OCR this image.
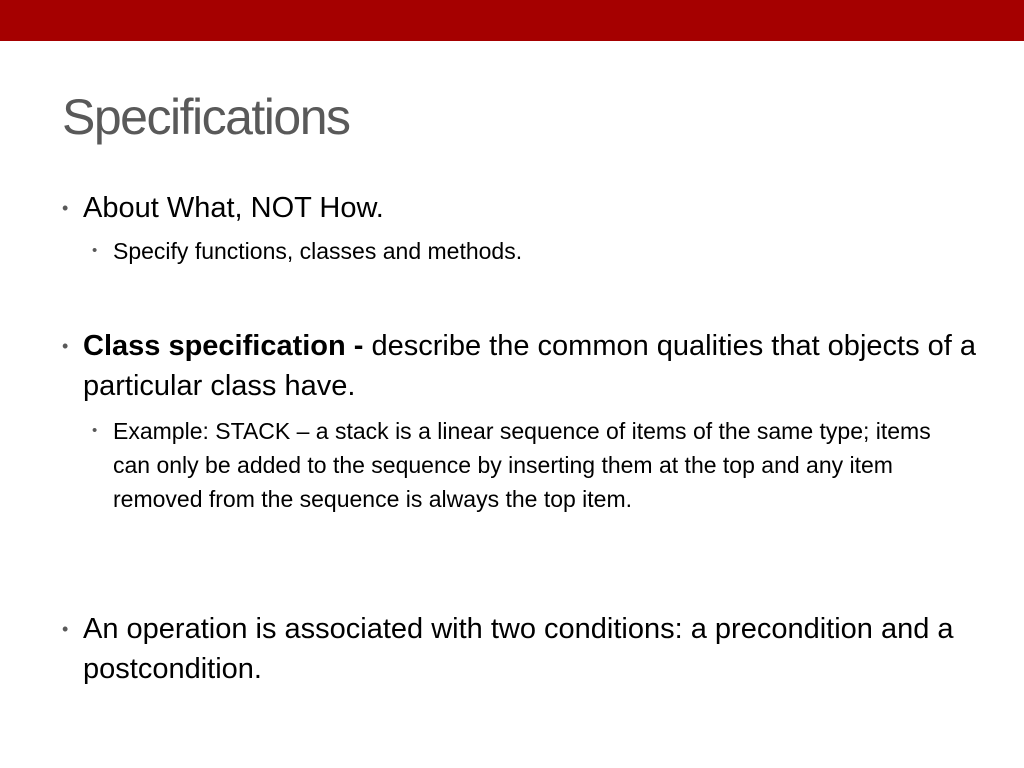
Specifications
• About What, NOT How.
• Specify functions, classes and methods.
• Class specification - describe the common qualities that objects of a particular class have.
• Example: STACK – a stack is a linear sequence of items of the same type; items can only be added to the sequence by inserting them at the top and any item removed from the sequence is always the top item.
• An operation is associated with two conditions: a precondition and a postcondition.
